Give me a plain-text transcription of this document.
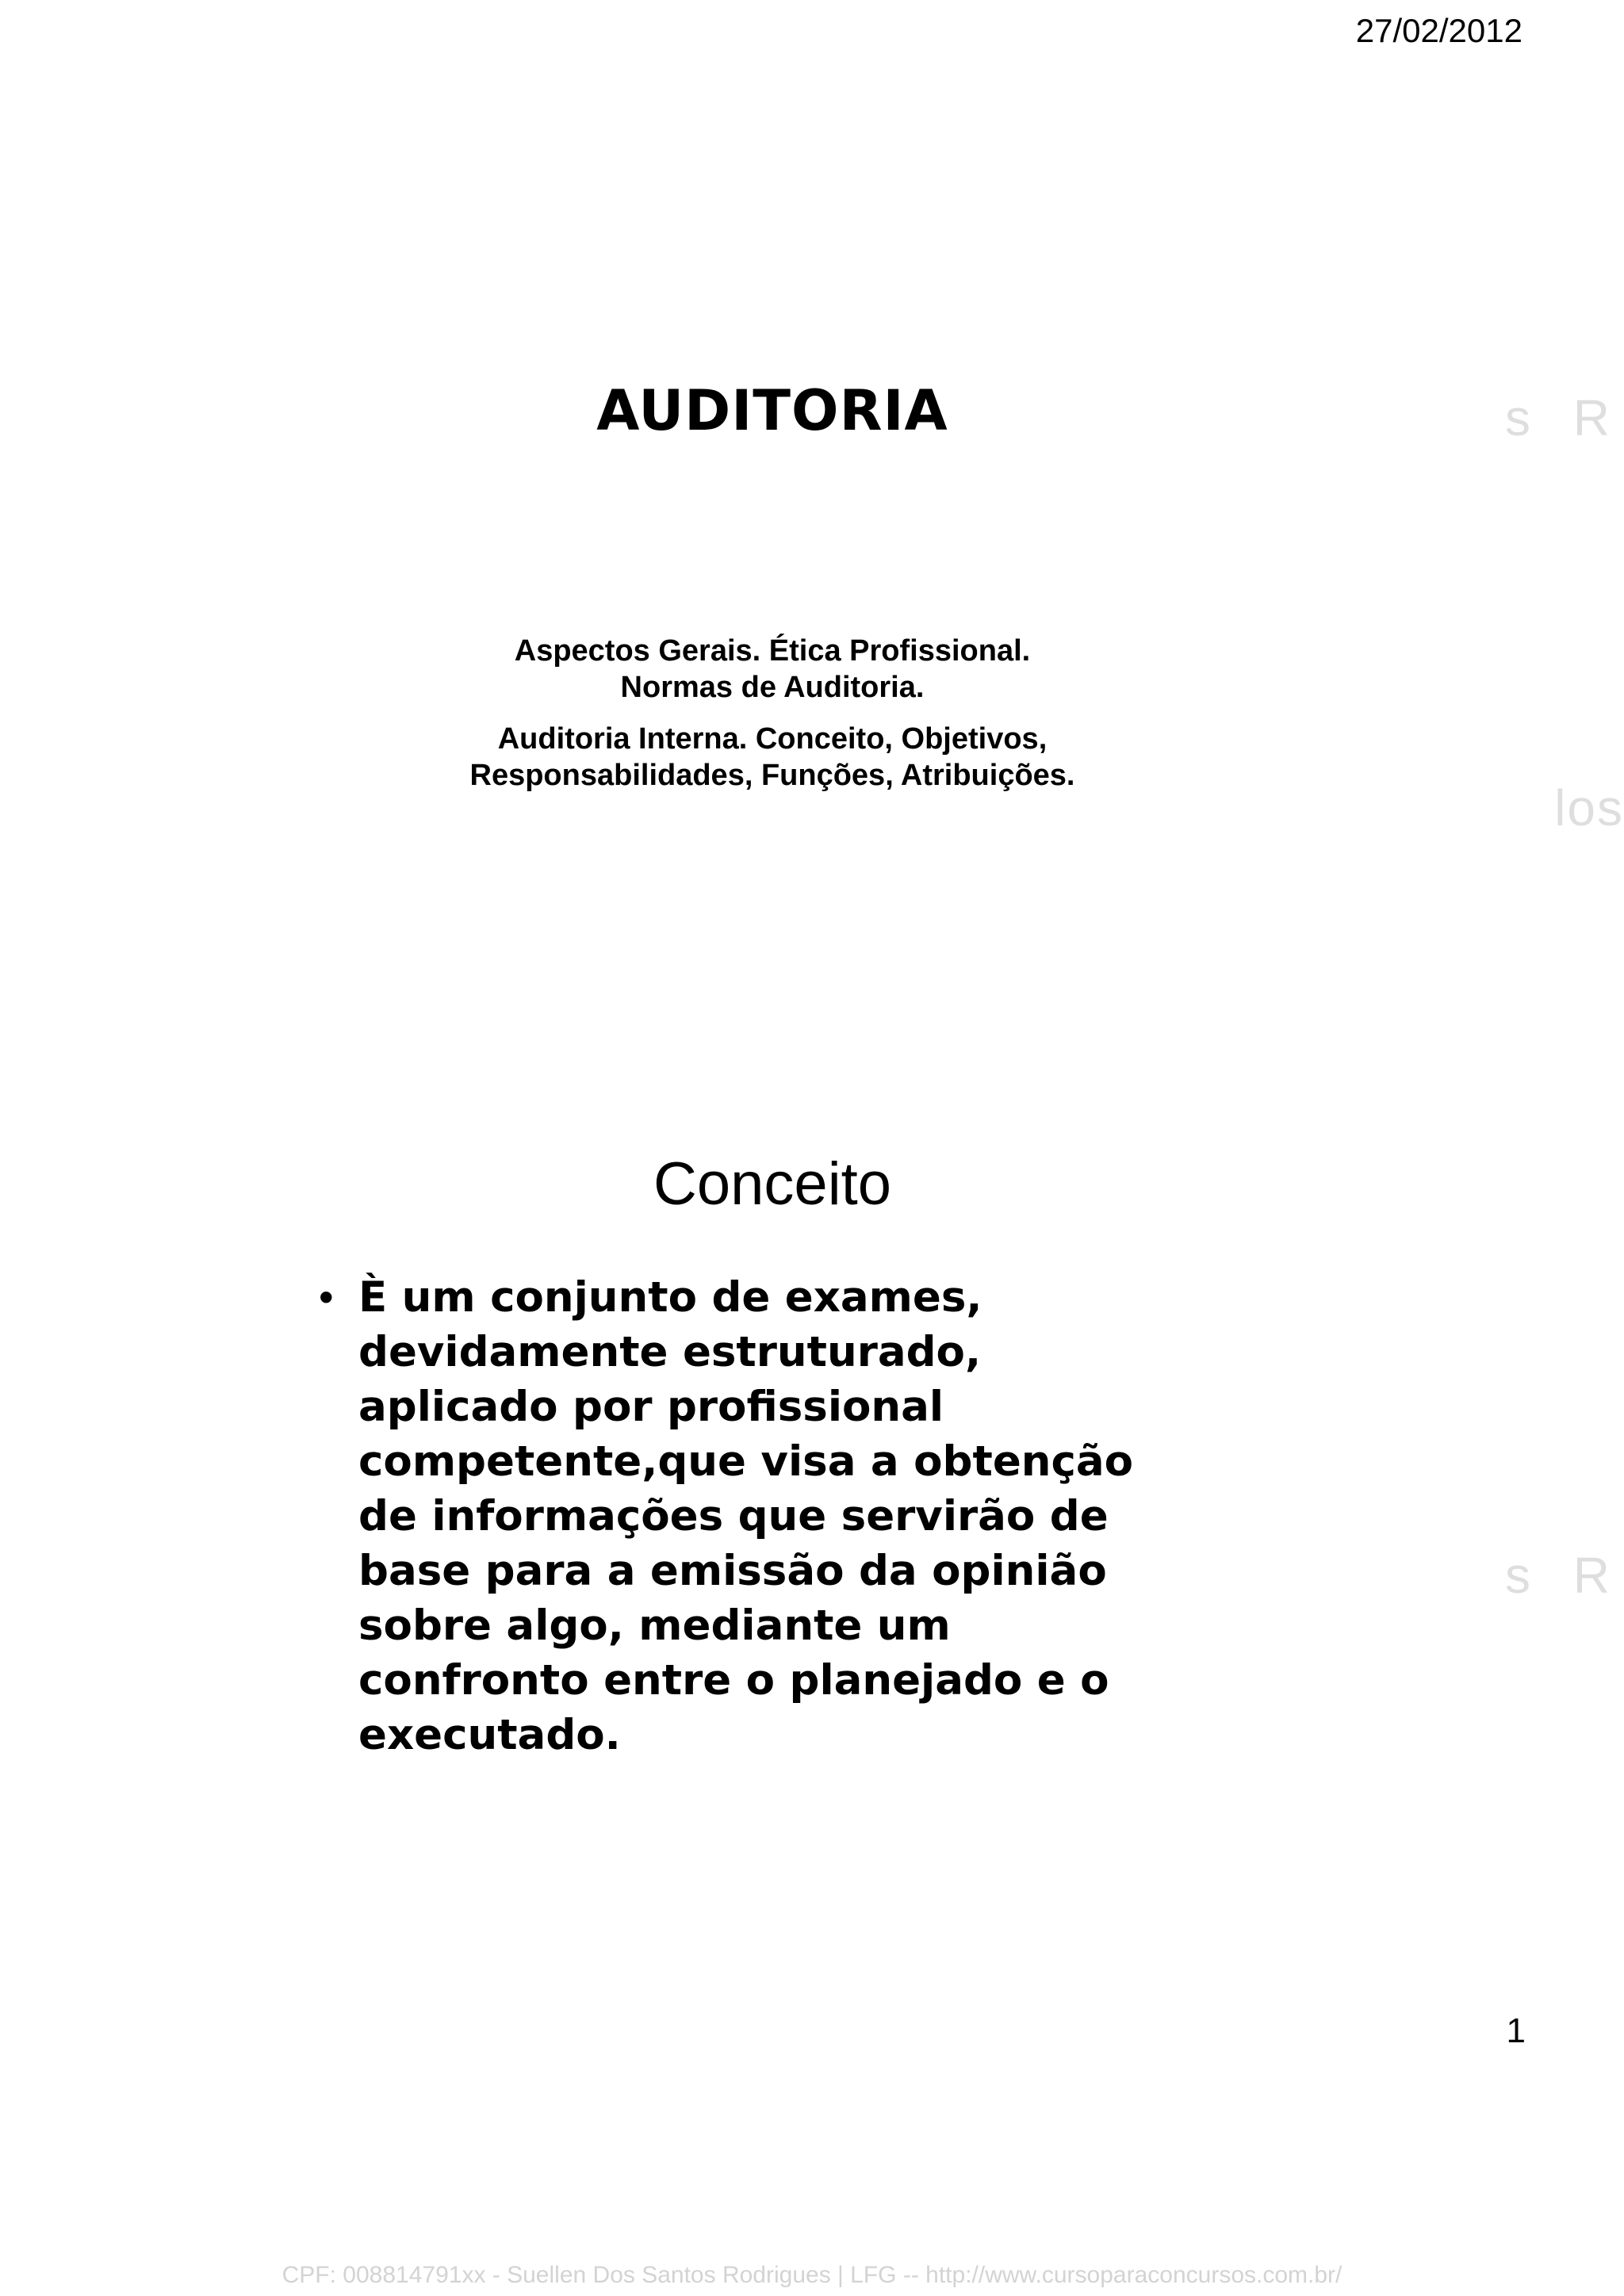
27/02/2012
s R
los
s R
AUDITORIA
Aspectos Gerais. Ética Profissional.
Normas de Auditoria.
Auditoria Interna. Conceito, Objetivos,
Responsabilidades, Funções, Atribuições.
Conceito
• È um conjunto de exames,
devidamente estruturado,
aplicado por profissional
competente,que visa a obtenção
de informações que servirão de
base para a emissão da opinião
sobre algo, mediante um
confronto entre o planejado e o
executado.
1
CPF: 008814791xx - Suellen Dos Santos Rodrigues | LFG -- http://www.cursoparaconcursos.com.br/
